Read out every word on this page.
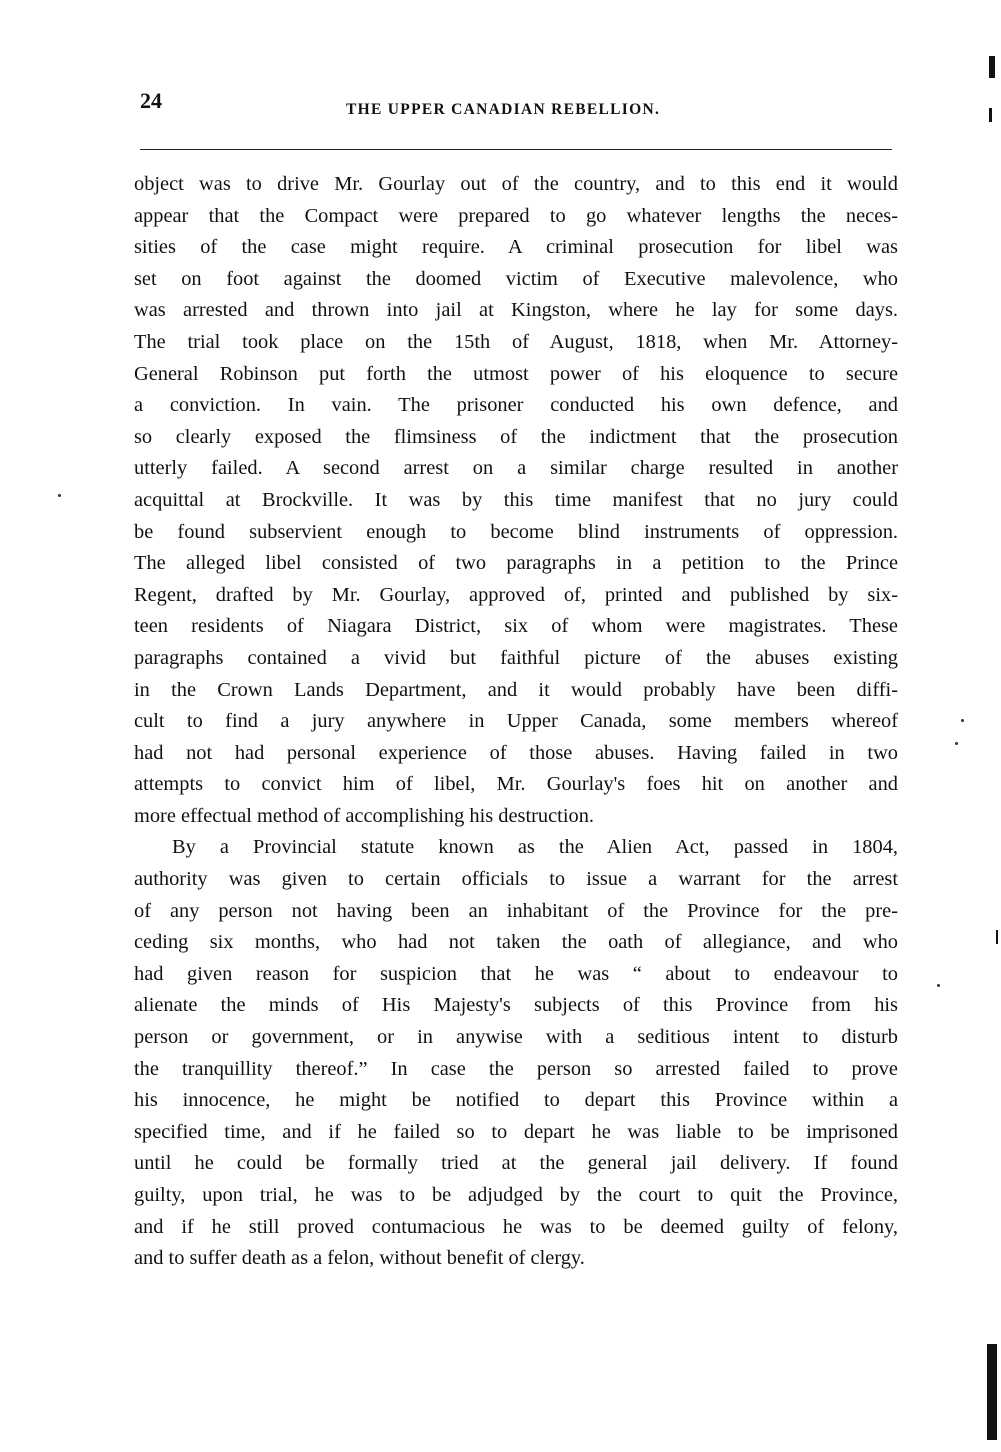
24	THE UPPER CANADIAN REBELLION.

object was to drive Mr. Gourlay out of the country, and to this end it would
appear that the Compact were prepared to go whatever lengths the neces-
sities of the case might require. A criminal prosecution for libel was
set on foot against the doomed victim of Executive malevolence, who
was arrested and thrown into jail at Kingston, where he lay for some days.
The trial took place on the 15th of August, 1818, when Mr. Attorney-
General Robinson put forth the utmost power of his eloquence to secure
a conviction. In vain. The prisoner conducted his own defence, and
so clearly exposed the flimsiness of the indictment that the prosecution
utterly failed. A second arrest on a similar charge resulted in another
acquittal at Brockville. It was by this time manifest that no jury could
be found subservient enough to become blind instruments of oppression.
The alleged libel consisted of two paragraphs in a petition to the Prince
Regent, drafted by Mr. Gourlay, approved of, printed and published by six-
teen residents of Niagara District, six of whom were magistrates. These
paragraphs contained a vivid but faithful picture of the abuses existing
in the Crown Lands Department, and it would probably have been diffi-
cult to find a jury anywhere in Upper Canada, some members whereof
had not had personal experience of those abuses. Having failed in two
attempts to convict him of libel, Mr. Gourlay's foes hit on another and
more effectual method of accomplishing his destruction.

By a Provincial statute known as the Alien Act, passed in 1804,
authority was given to certain officials to issue a warrant for the arrest
of any person not having been an inhabitant of the Province for the pre-
ceding six months, who had not taken the oath of allegiance, and who
had given reason for suspicion that he was “ about to endeavour to
alienate the minds of His Majesty's subjects of this Province from his
person or government, or in anywise with a seditious intent to disturb
the tranquillity thereof.” In case the person so arrested failed to prove
his innocence, he might be notified to depart this Province within a
specified time, and if he failed so to depart he was liable to be imprisoned
until he could be formally tried at the general jail delivery. If found
guilty, upon trial, he was to be adjudged by the court to quit the Province,
and if he still proved contumacious he was to be deemed guilty of felony,
and to suffer death as a felon, without benefit of clergy.
